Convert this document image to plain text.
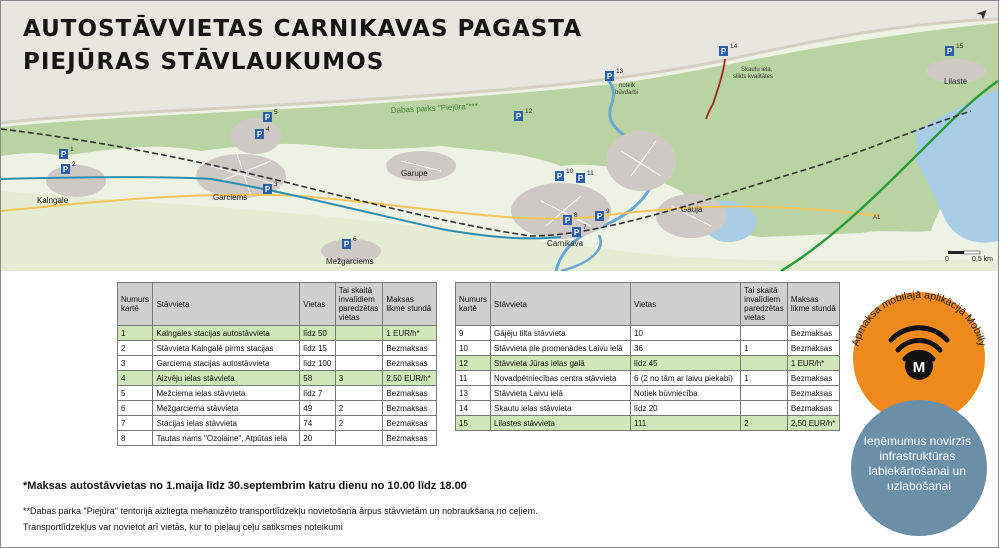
Kalngale	Garciems
Garupe
Mežgarciems
Carnikava
Gauja
Lilaste
Dabas parks "Piejūra"***
noteik
būvdarbi
Skautu iela,
slikts kvalitātes
A1
0	0,5 km
P
1
P
2
P
3
P
4
P
5
P
6
P
7
P
8 P
9
P
10
P
11
P
12
P
13
P
14
P
15
AUTOSTĀVVIETAS CARNIKAVAS PAGASTA
PIEJŪRAS STĀVLAUKUMOS
➤
Numurs kartē	Stāvvieta	Vietas	Tai skaitā invalīdiem paredzētas vietas	Maksas likme stundā
1	Kalngales stacijas autostāvvieta	līdz 50		1 EUR/h*
2	Stāvvieta Kalngalē pirms stacijas	līdz 15		Bezmaksas
3	Garciema stacijas autostāvvieta	līdz 100		Bezmaksas
4	Aizvēju ielas stāvvieta	58	3	2,50 EUR/h*
5	Mežciema ielas stāvvieta	līdz 7		Bezmaksas
6	Mežgarciema stāvvieta	49	2	Bezmaksas
7	Stacijas ielas stāvvieta	74	2	Bezmaksas
8	Tautas nams "Ozolaine", Atpūtas iela	20		Bezmaksas
Numurs kartē	Stāvvieta	Vietas	Tai skaitā invalīdiem paredzētas vietas	Maksas likme stundā
9	Gājēju tilta stāvvieta	10		Bezmaksas
10	Stāvvieta pie promenādes Laivu ielā	36	1	Bezmaksas
12	Stāvvieta Jūras ielas galā	līdz 45		1 EUR/h*
11	Novadpētniecības centra stāvvieta	6 (2 no tām ar laivu piekabi)	1	Bezmaksas
13	Stāvvieta Laivu ielā	Notiek būvniecība		Bezmaksas
14	Skautu ielas stāvvieta	līdz 20		Bezmaksas
15	Lilastes stāvvieta	111	2	2,50 EUR/h*
*Maksas autostāvvietas no 1.maija līdz 30.septembrim katru dienu no 10.00 līdz 18.00
**Dabas parka "Piejūra" teritorijā aizliegta mehanizēto transportlīdzekļu novietošana ārpus stāvvietām un nobraukšana no ceļiem.
Transportlīdzekļus var novietot arī vietās, kur to pieļauj ceļu satiksmes noteikumi
Apmaksa mobilajā aplikācijā Mobilly
M
Ieņēmumus novirzīs infrastruktūras labiekārtošanai un uzlabošanai
